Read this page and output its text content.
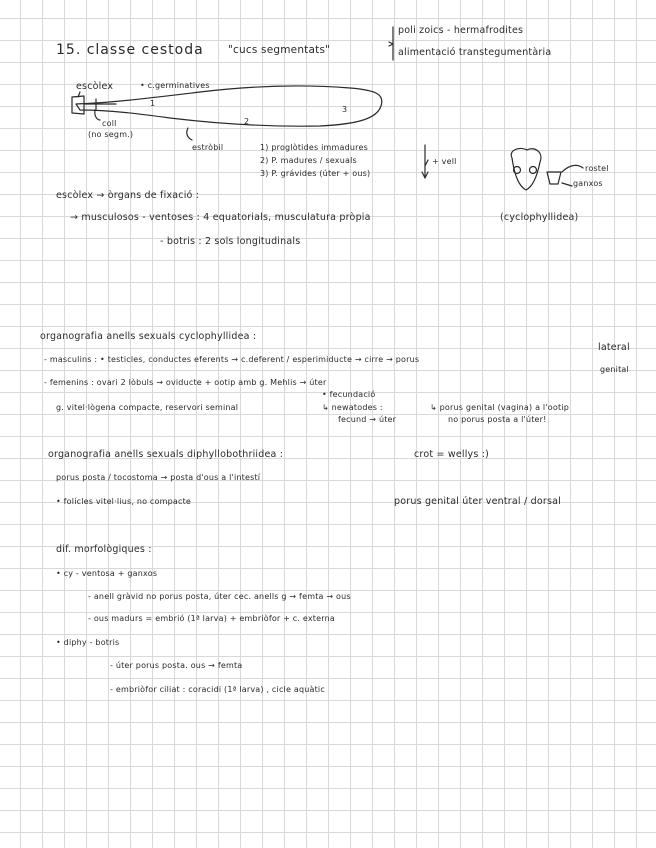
15. classe cestoda "cucs segmentats"
poli zoics - hermafrodites
alimentació transtegumentària
escòlex	• c.germinatives
coll
(no segm.)
estròbil
1
2
3
1) proglòtides immadures
2) P. madures / sexuals
3) P. grávides (úter + ous)
+ vell
rostel
ganxos
escòlex → òrgans de fixació :
→ musculosos - ventoses : 4 equatorials, musculatura pròpia	(cyclophyllidea)
- botris : 2 sols longitudinals
organografia anells sexuals cyclophyllidea :
lateral
- masculins : • testicles, conductes eferents → c.deferent / esperimiducte → cirre → porus
genital
- femenins : ovari 2 lòbuls → oviducte + ootip amb g. Mehlis → úter
• fecundació
g. vitel·lògena compacte, reservori seminal	↳ newatodes :
fecund → úter
↳ porus genital (vagina) a l'ootip
no porus posta a l'úter!
organografia anells sexuals diphyllobothriidea :	crot = wellys :)
porus posta / tocostoma → posta d'ous a l'intestí
• folícles vitel·lius, no compacte	porus genital úter ventral / dorsal
dif. morfològiques :
• cy - ventosa + ganxos
- anell gràvid no porus posta, úter cec. anells g → femta → ous
- ous madurs = embrió (1ª larva) + embriòfor + c. externa
• diphy - botris
- úter porus posta. ous → femta
- embriòfor ciliat : coracidi (1ª larva) , cicle aquàtic
